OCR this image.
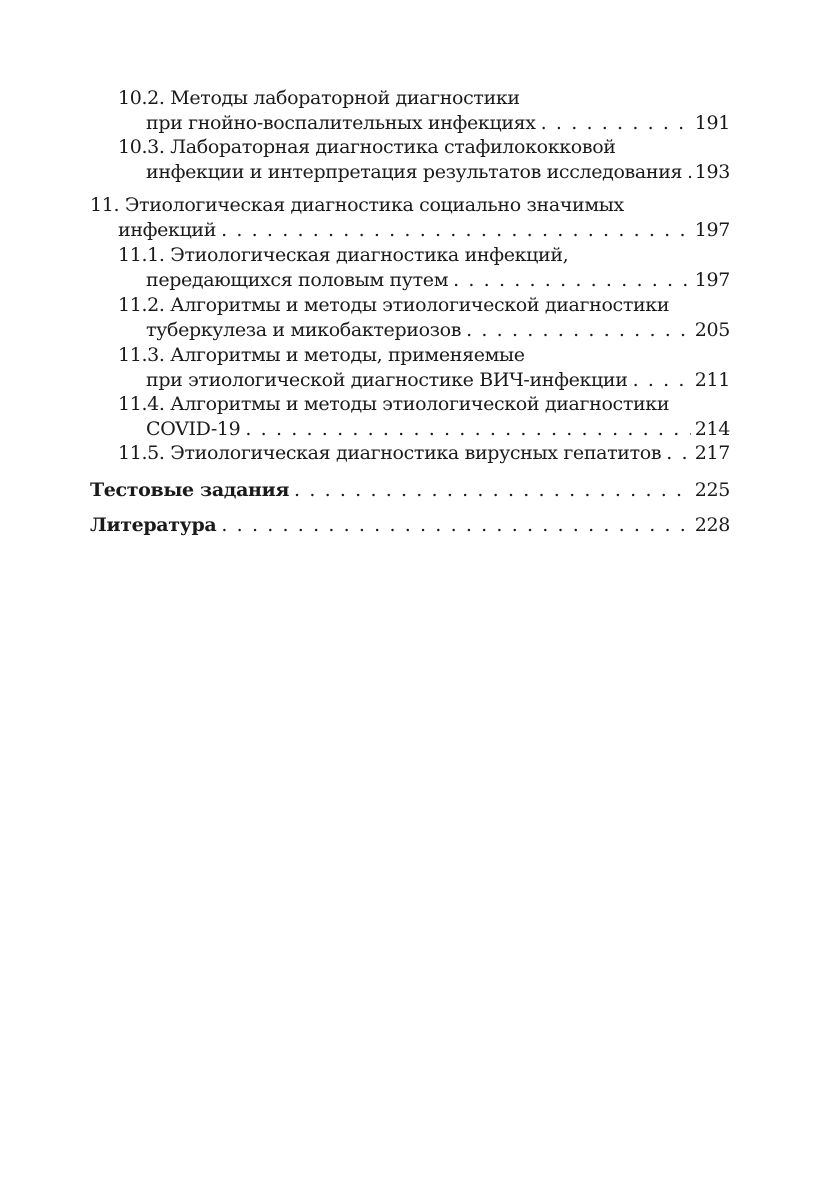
10.2. Методы лабораторной диагностики
при гнойно-воспалительных инфекциях . . .	191
10.3. Лабораторная диагностика стафилококковой
инфекции и интерпретация результатов исследования . . . 193
11. Этиологическая диагностика социально значимых
инфекций . . .	197
11.1. Этиологическая диагностика инфекций,
передающихся половым путем . . .	197
11.2. Алгоритмы и методы этиологической диагностики
туберкулеза и микобактериозов . . .	205
11.3. Алгоритмы и методы, применяемые
при этиологической диагностике ВИЧ-инфекции . . .	211
11.4. Алгоритмы и методы этиологической диагностики
COVID-19 . . .	214
11.5. Этиологическая диагностика вирусных гепатитов . . . 217
Тестовые задания . . .	225
Литература . . .	228
